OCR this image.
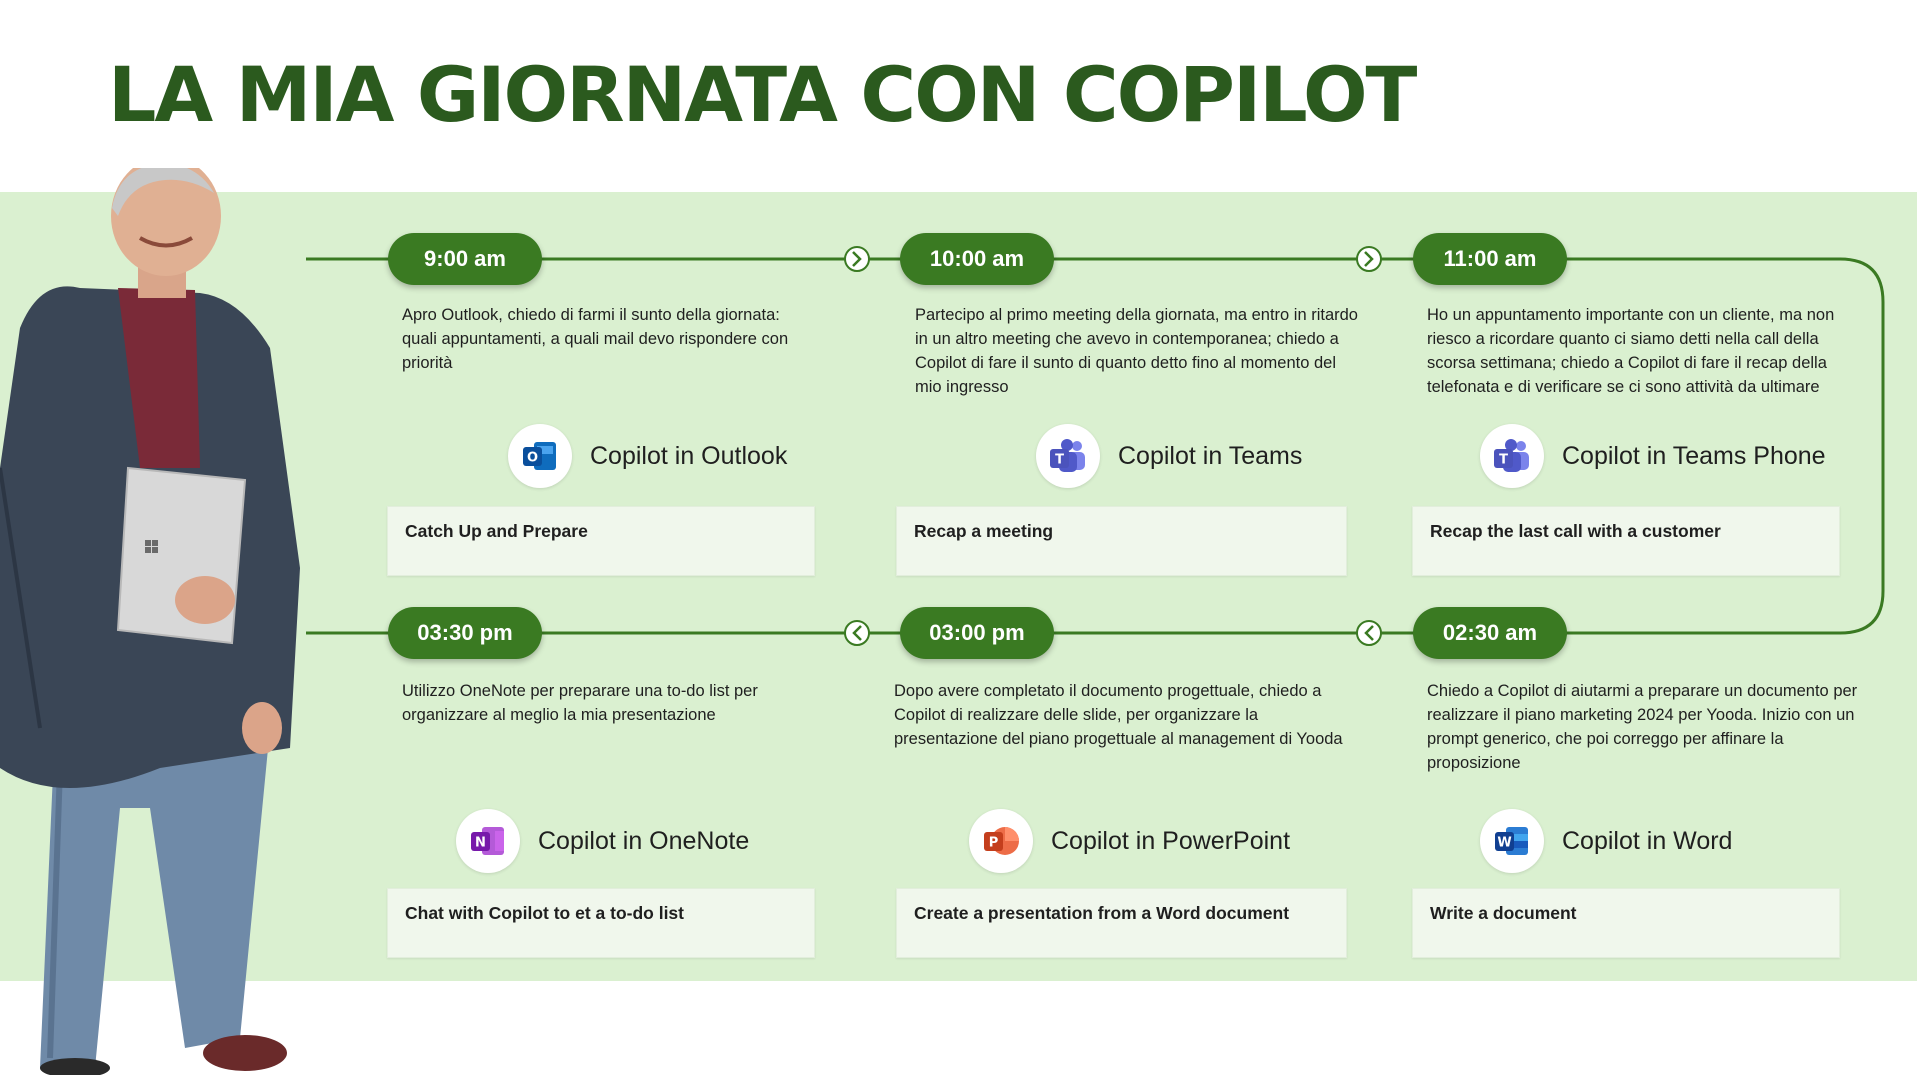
LA MIA GIORNATA CON COPILOT
9:00 am

Apro Outlook, chiedo di farmi il sunto della giornata: quali appuntamenti, a quali mail devo rispondere con priorità

O Copilot in Outlook
Catch Up and Prepare
10:00 am

Partecipo al primo meeting della giornata, ma entro in ritardo in un altro meeting che avevo in contemporanea; chiedo a Copilot di fare il sunto di quanto detto fino al momento del mio ingresso

T Copilot in Teams
Recap a meeting
11:00 am

Ho un appuntamento importante con un cliente, ma non riesco a ricordare quanto ci siamo detti nella call della scorsa settimana; chiedo a Copilot di fare il recap della telefonata e di verificare se ci sono attività da ultimare

T Copilot in Teams Phone
Recap the last call with a customer
03:30 pm

Utilizzo OneNote per preparare una to-do list per organizzare al meglio la mia presentazione

N Copilot in OneNote
Chat with Copilot to et a to-do list
03:00 pm

Dopo avere completato il documento progettuale, chiedo a Copilot di realizzare delle slide, per organizzare la presentazione del piano progettuale al management di Yooda

P Copilot in PowerPoint
Create a presentation from a Word document
02:30 am

Chiedo a Copilot di aiutarmi a preparare un documento per realizzare il piano marketing 2024 per Yooda. Inizio con un prompt generico, che poi correggo per affinare la proposizione

W Copilot in Word
Write a document
